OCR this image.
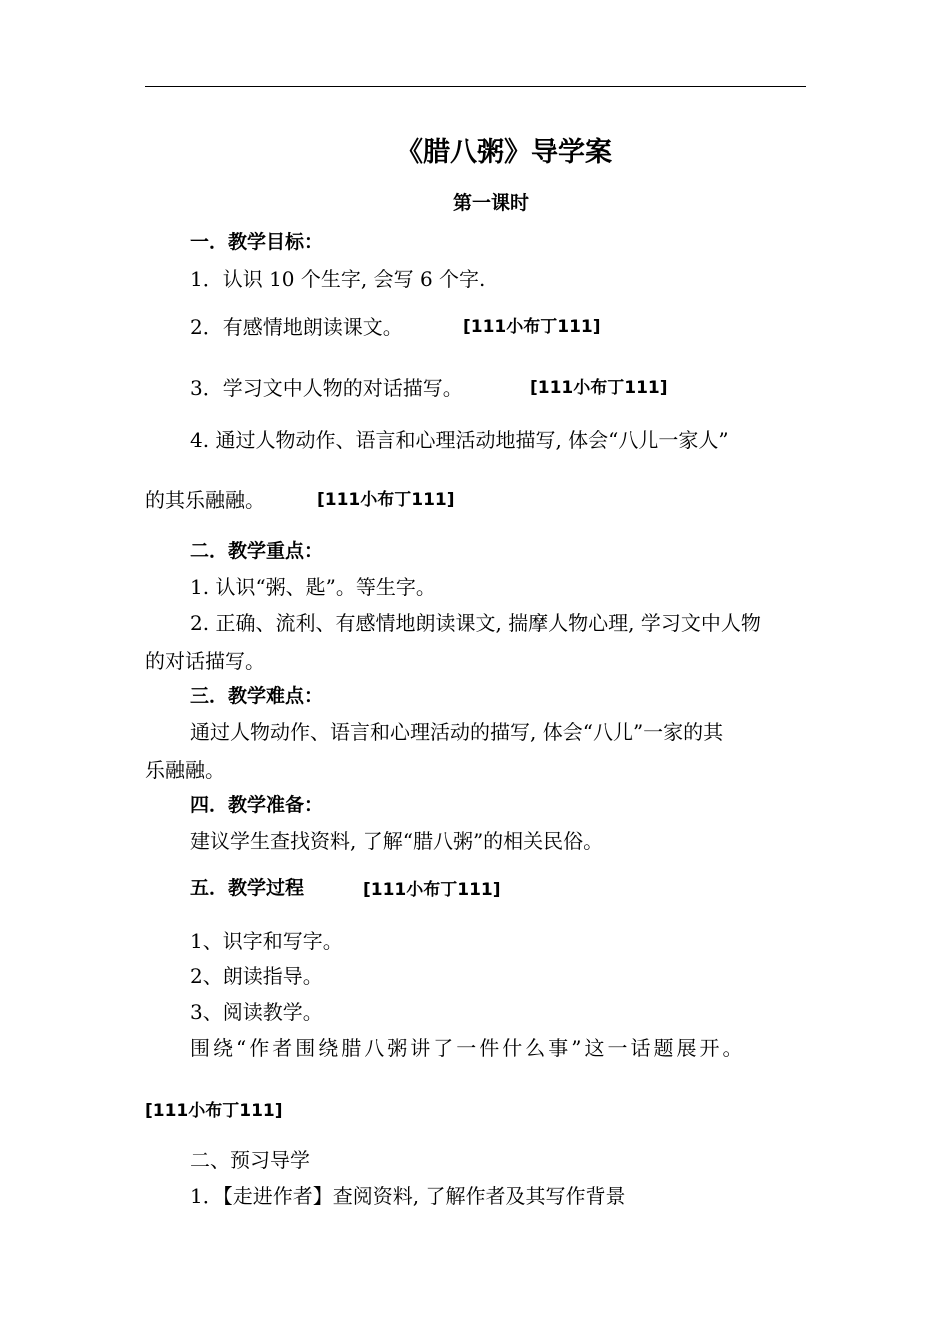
《腊八粥》导学案
第一课时
一．教学目标：
1．认识 10 个生字, 会写 6 个字.
2．有感情地朗读课文。	[111小布丁111]
3．学习文中人物的对话描写。	[111小布丁111]
4. 通过人物动作、语言和心理活动地描写, 体会“八儿一家人”
的其乐融融。	[111小布丁111]
二．教学重点：
1. 认识“粥、匙”。等生字。
2. 正确、流利、有感情地朗读课文, 揣摩人物心理, 学习文中人物
的对话描写。
三．教学难点：
通过人物动作、语言和心理活动的描写, 体会“八儿”一家的其
乐融融。
四．教学准备：
建议学生查找资料, 了解“腊八粥”的相关民俗。
五．教学过程	[111小布丁111]
1、识字和写字。
2、朗读指导。
3、阅读教学。
围绕“作者围绕腊八粥讲了一件什么事”这一话题展开。
[111小布丁111]
二、预习导学
1．【走进作者】查阅资料, 了解作者及其写作背景
